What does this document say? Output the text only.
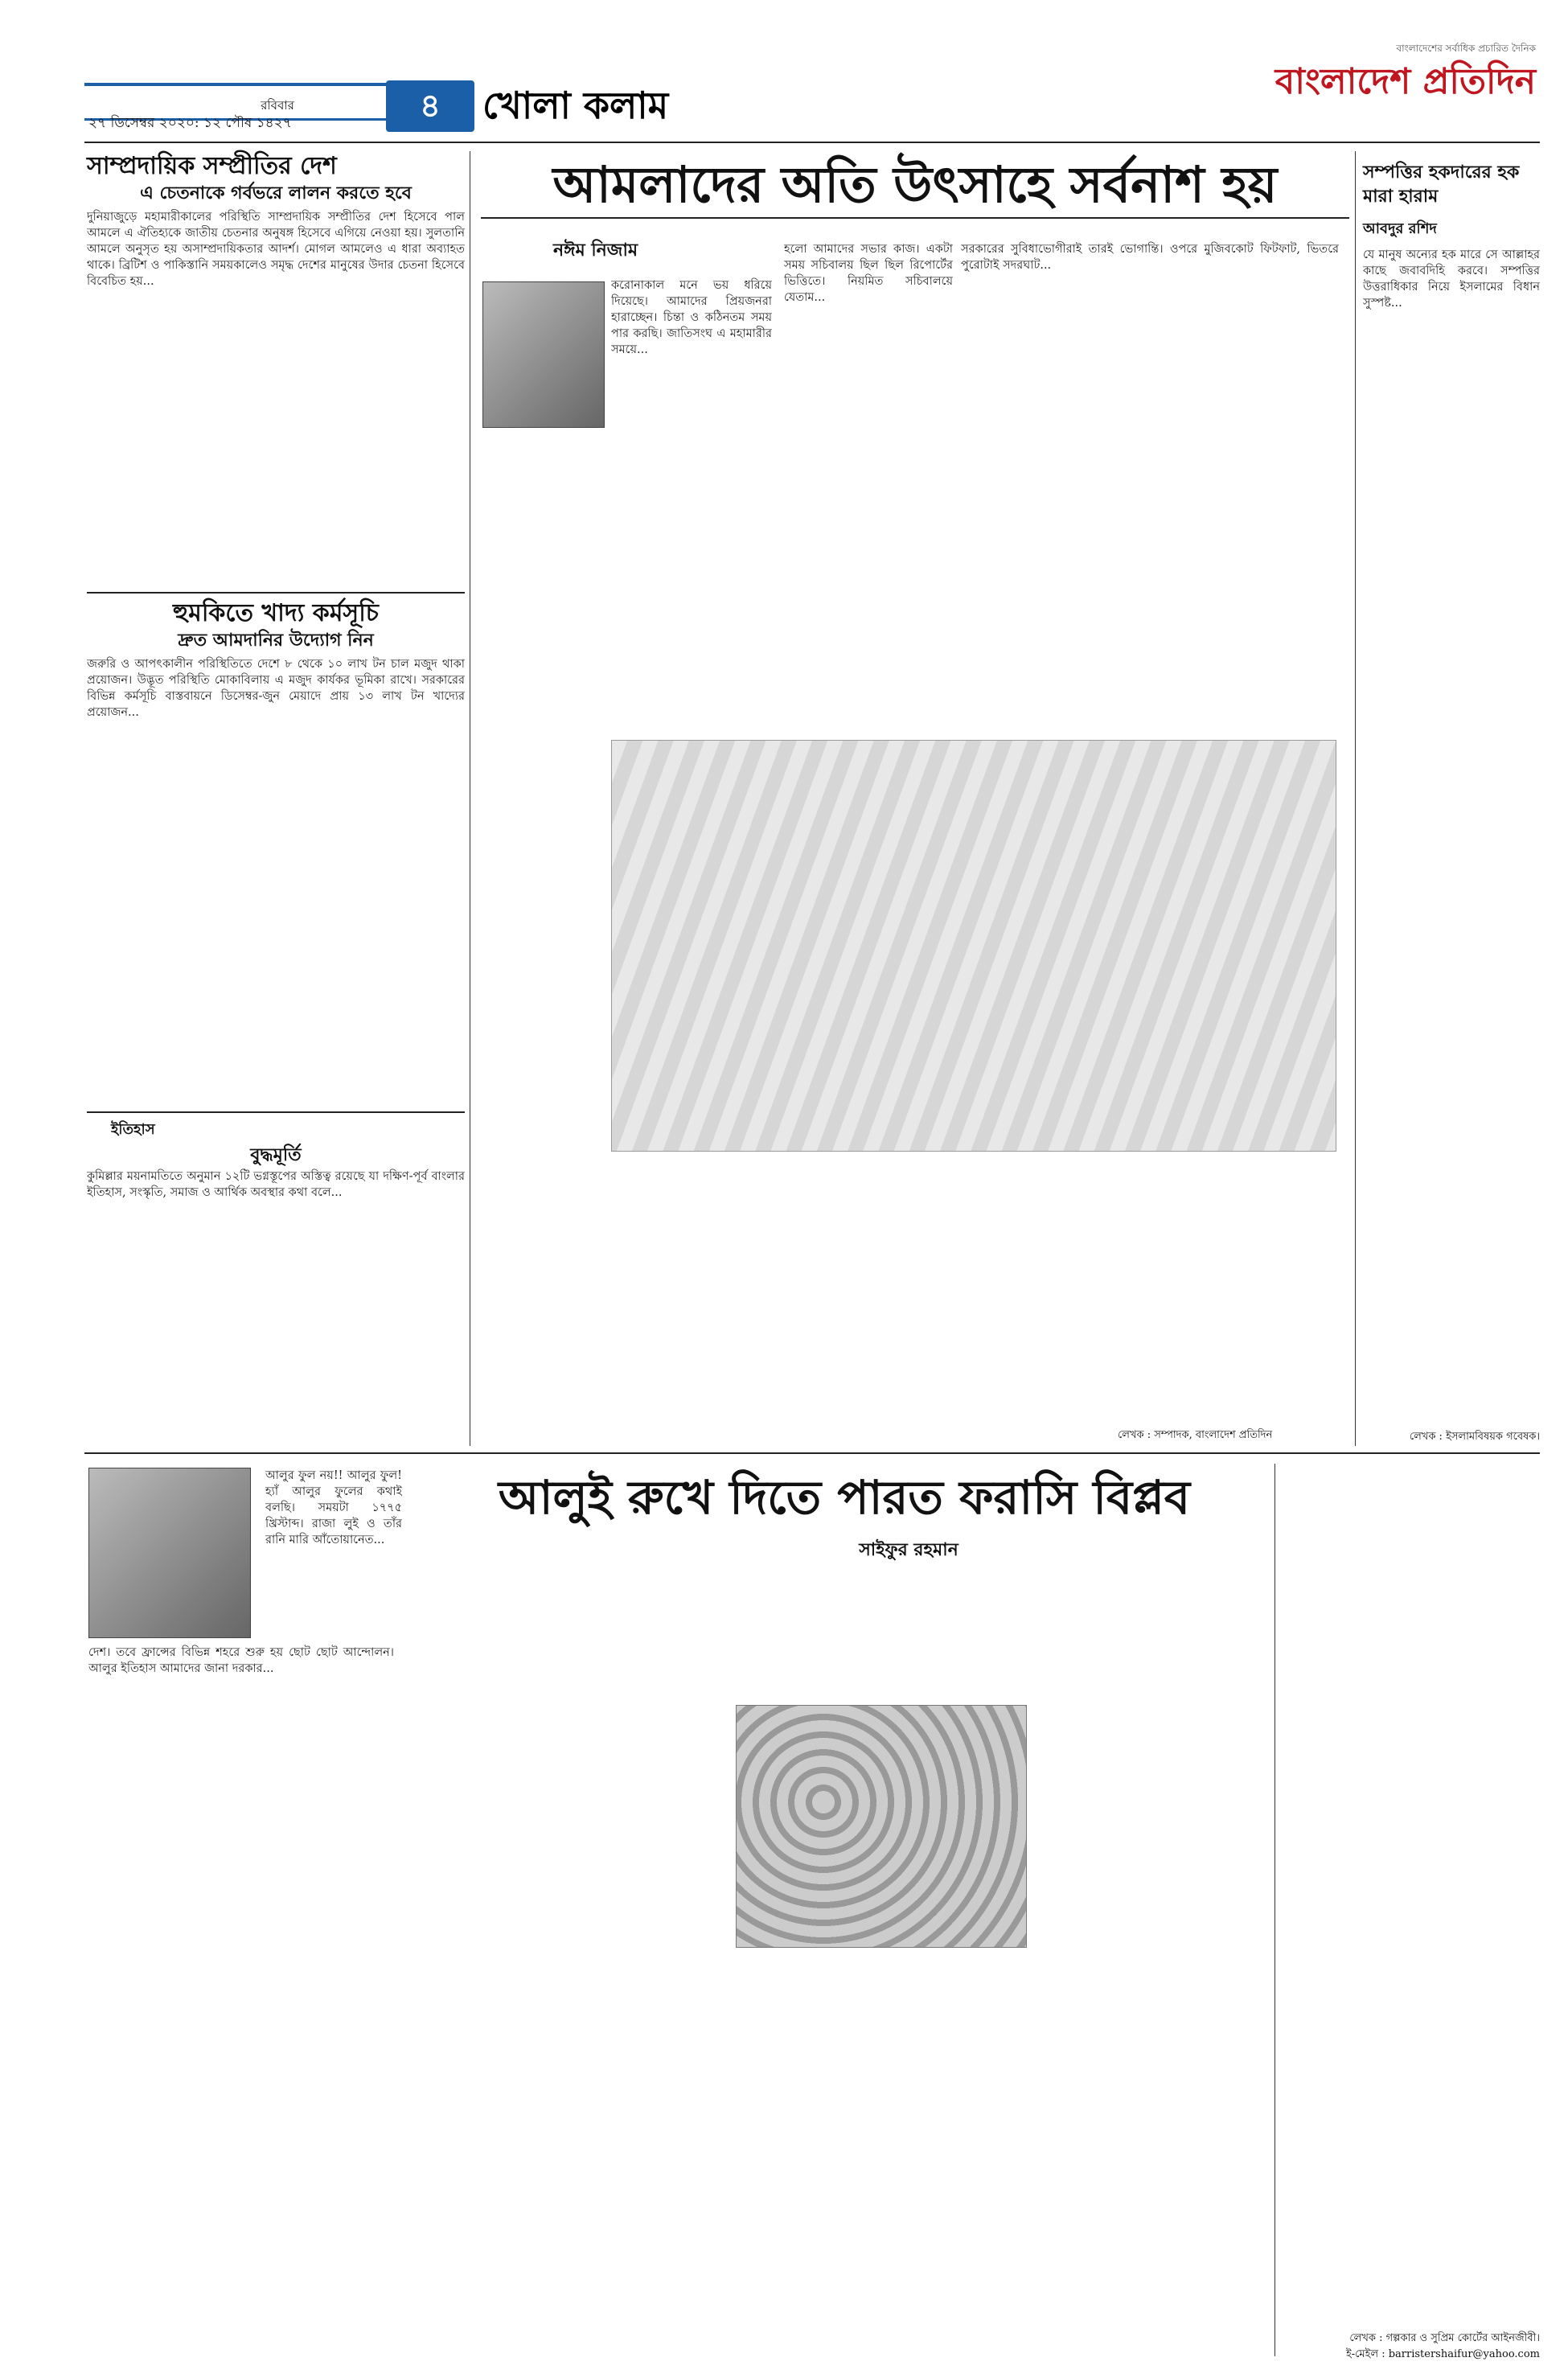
রবিবার
২৭ ডিসেম্বর ২০২০: ১২ পৌষ ১৪২৭	৪	খোলা কলাম
বাংলাদেশের সর্বাধিক প্রচারিত দৈনিক
বাংলাদেশ প্রতিদিন
সাম্প্রদায়িক সম্প্রীতির দেশ
এ চেতনাকে গর্বভরে লালন করতে হবে
দুনিয়াজুড়ে মহামারীকালের পরিস্থিতি সাম্প্রদায়িক সম্প্রীতির দেশ হিসেবে পাল আমলে এ ঐতিহ্যকে জাতীয় চেতনার অনুষঙ্গ হিসেবে এগিয়ে নেওয়া হয়। সুলতানি আমলে অনুসৃত হয় অসাম্প্রদায়িকতার আদর্শ। মোগল আমলেও এ ধারা অব্যাহত থাকে। ব্রিটিশ ও পাকিস্তানি সময়কালেও সমৃদ্ধ দেশের মানুষের উদার চেতনা হিসেবে বিবেচিত হয়...
হুমকিতে খাদ্য কর্মসূচি
দ্রুত আমদানির উদ্যোগ নিন
জরুরি ও আপৎকালীন পরিস্থিতিতে দেশে ৮ থেকে ১০ লাখ টন চাল মজুদ থাকা প্রয়োজন। উদ্ভূত পরিস্থিতি মোকাবিলায় এ মজুদ কার্যকর ভূমিকা রাখে। সরকারের বিভিন্ন কর্মসূচি বাস্তবায়নে ডিসেম্বর-জুন মেয়াদে প্রায় ১৩ লাখ টন খাদ্যের প্রয়োজন...
ইতিহাস
বুদ্ধমূর্তি
কুমিল্লার ময়নামতিতে অনুমান ১২টি ভগ্নস্তূপের অস্তিত্ব রয়েছে যা দক্ষিণ-পূর্ব বাংলার ইতিহাস, সংস্কৃতি, সমাজ ও আর্থিক অবস্থার কথা বলে...
আমলাদের অতি উৎসাহে সর্বনাশ হয়
নঈম নিজাম
করোনাকাল মনে ভয় ধরিয়ে দিয়েছে। আমাদের প্রিয়জনরা হারাচ্ছেন। চিন্তা ও কঠিনতম সময় পার করছি। জাতিসংঘ এ মহামারীর সময়ে...
হলো আমাদের সভার কাজ। একটা সময় সচিবালয় ছিল ছিল রিপোর্টের ভিত্তিতে। নিয়মিত সচিবালয়ে যেতাম...
সরকারের সুবিধাভোগীরাই তারই ভোগান্তি। ওপরে মুজিবকোট ফিটফাট, ভিতরে পুরোটাই সদরঘাট...
লেখক : সম্পাদক, বাংলাদেশ প্রতিদিন
সম্পত্তির হকদারের হক মারা হারাম
আবদুর রশিদ
যে মানুষ অন্যের হক মারে সে আল্লাহর কাছে জবাবদিহি করবে। সম্পত্তির উত্তরাধিকার নিয়ে ইসলামের বিধান সুস্পষ্ট...
লেখক : ইসলামবিষয়ক গবেষক।
আলুর ফুল নয়!! আলুর ফুল! হ্যাঁ আলুর ফুলের কথাই বলছি। সময়টা ১৭৭৫ খ্রিস্টাব্দ। রাজা লুই ও তাঁর রানি মারি আঁতোয়ানেত...
আলুই রুখে দিতে পারত ফরাসি বিপ্লব
সাইফুর রহমান
দেশ। তবে ফ্রান্সের বিভিন্ন শহরে শুরু হয় ছোট ছোট আন্দোলন। আলুর ইতিহাস আমাদের জানা দরকার...
লেখক : গল্পকার ও সুপ্রিম কোর্টের আইনজীবী।
ই-মেইল : barristershaifur@yahoo.com
